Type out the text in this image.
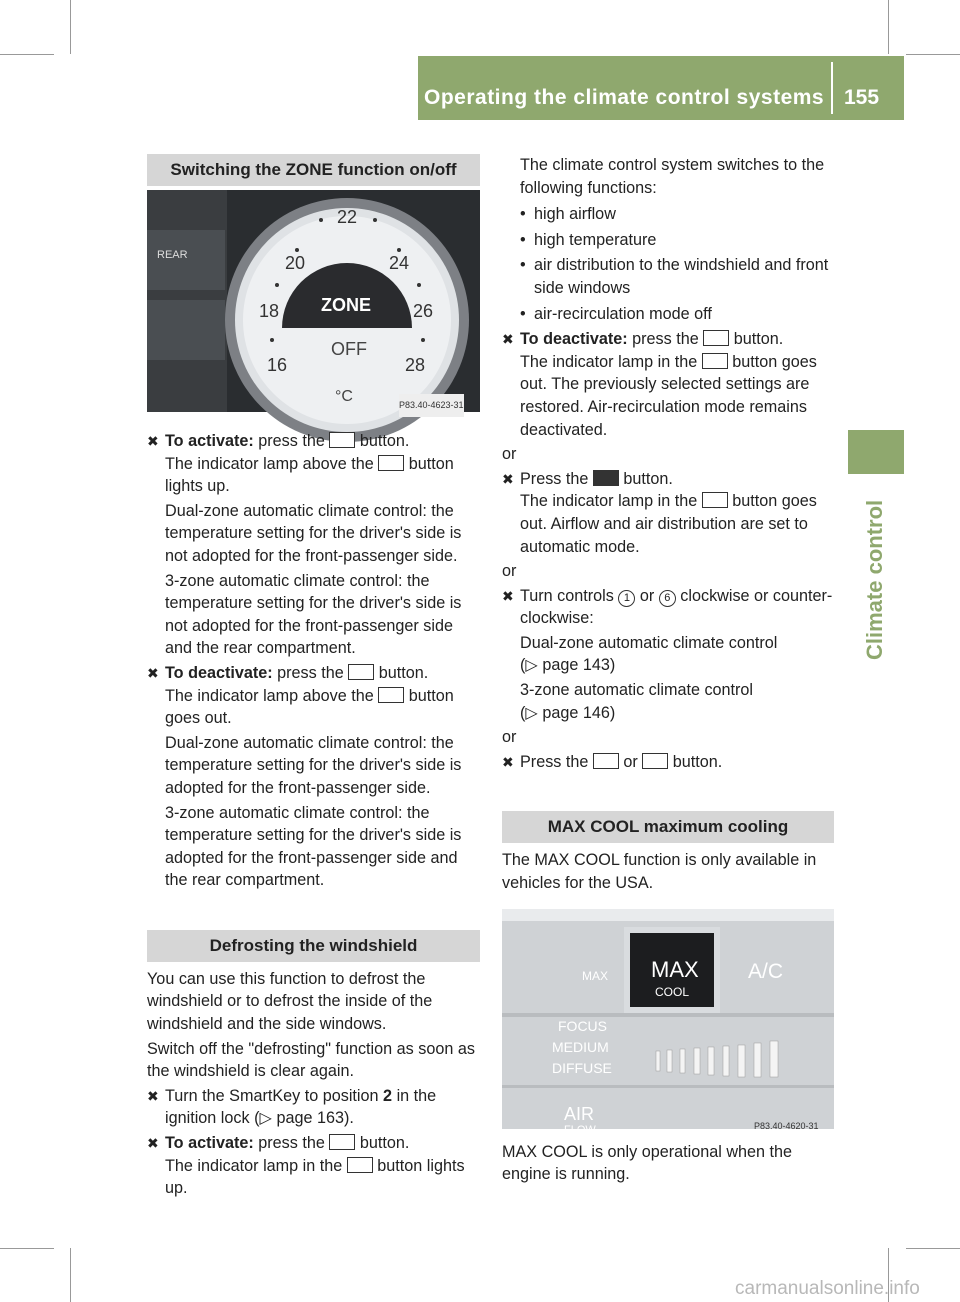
Operating the climate control systems 155
Climate control

Switching the ZONE function on/off

22
20	24
18	26
16	28
ZONE
OFF
°C
REAR
P83.40-4623-31
✖ To activate: press the button.

The indicator lamp above the button lights up.

Dual-zone automatic climate control: the temperature setting for the driver's side is not adopted for the front-passenger side.

3-zone automatic climate control: the temperature setting for the driver's side is not adopted for the front-passenger side and the rear compartment.

✖ To deactivate: press the button.

The indicator lamp above the button goes out.

Dual-zone automatic climate control: the temperature setting for the driver's side is adopted for the front-passenger side.

3-zone automatic climate control: the temperature setting for the driver's side is adopted for the front-passenger side and the rear compartment.

Defrosting the windshield

You can use this function to defrost the windshield or to defrost the inside of the windshield and the side windows.

Switch off the "defrosting" function as soon as the windshield is clear again.

✖ Turn the SmartKey to position 2 in the ignition lock (▷ page 163).

✖ To activate: press the button.

The indicator lamp in the button lights up.

The climate control system switches to the following functions:

• high airflow

• high temperature

• air distribution to the windshield and front side windows

• air-recirculation mode off

✖ To deactivate: press the button.

The indicator lamp in the button goes out. The previously selected settings are restored. Air-recirculation mode remains deactivated.

or

✖ Press the button.

The indicator lamp in the button goes out. Airflow and air distribution are set to automatic mode.

or

✖ Turn controls 1 or 6 clockwise or counter-clockwise:

Dual-zone automatic climate control

(▷ page 143)

3-zone automatic climate control

(▷ page 146)

or

✖ Press the or button.

MAX COOL maximum cooling

The MAX COOL function is only available in vehicles for the USA.

MAX MAX
COOL
A/C
FOCUS
MEDIUM
DIFFUSE
AIR
FLOW	P83.40-4620-31

MAX COOL is only operational when the engine is running.

carmanualsonline.info
